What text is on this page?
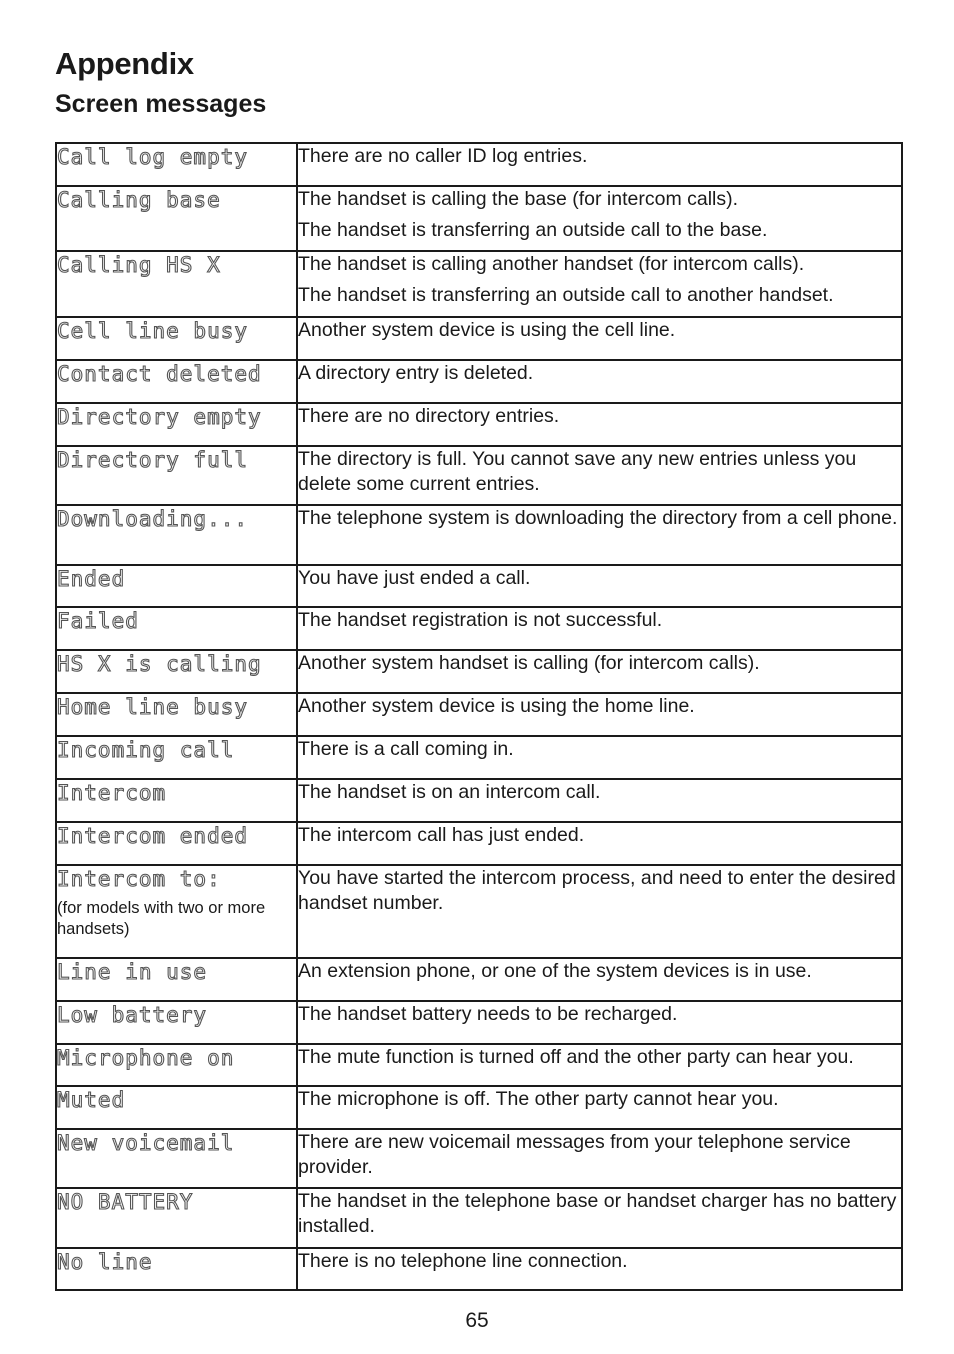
Appendix
Screen messages
Call log empty	There are no caller ID log entries.

Calling base	The handset is calling the base (for intercom calls).

The handset is transferring an outside call to the base.

Calling HS X	The handset is calling another handset (for intercom calls).

The handset is transferring an outside call to another handset.

Cell line busy	Another system device is using the cell line.

Contact deleted	A directory entry is deleted.

Directory empty	There are no directory entries.

Directory full	The directory is full. You cannot save any new entries unless you delete some current entries.

Downloading...	The telephone system is downloading the directory from a cell phone.

Ended	You have just ended a call.

Failed	The handset registration is not successful.

HS X is calling	Another system handset is calling (for intercom calls).

Home line busy	Another system device is using the home line.

Incoming call	There is a call coming in.

Intercom	The handset is on an intercom call.

Intercom ended	The intercom call has just ended.

Intercom to:
(for models with two or more handsets)	You have started the intercom process, and need to enter the desired handset number.

Line in use	An extension phone, or one of the system devices is in use.

Low battery	The handset battery needs to be recharged.

Microphone on	The mute function is turned off and the other party can hear you.

Muted	The microphone is off. The other party cannot hear you.

New voicemail	There are new voicemail messages from your telephone service provider.

NO BATTERY	The handset in the telephone base or handset charger has no battery installed.

No line	There is no telephone line connection.

65
